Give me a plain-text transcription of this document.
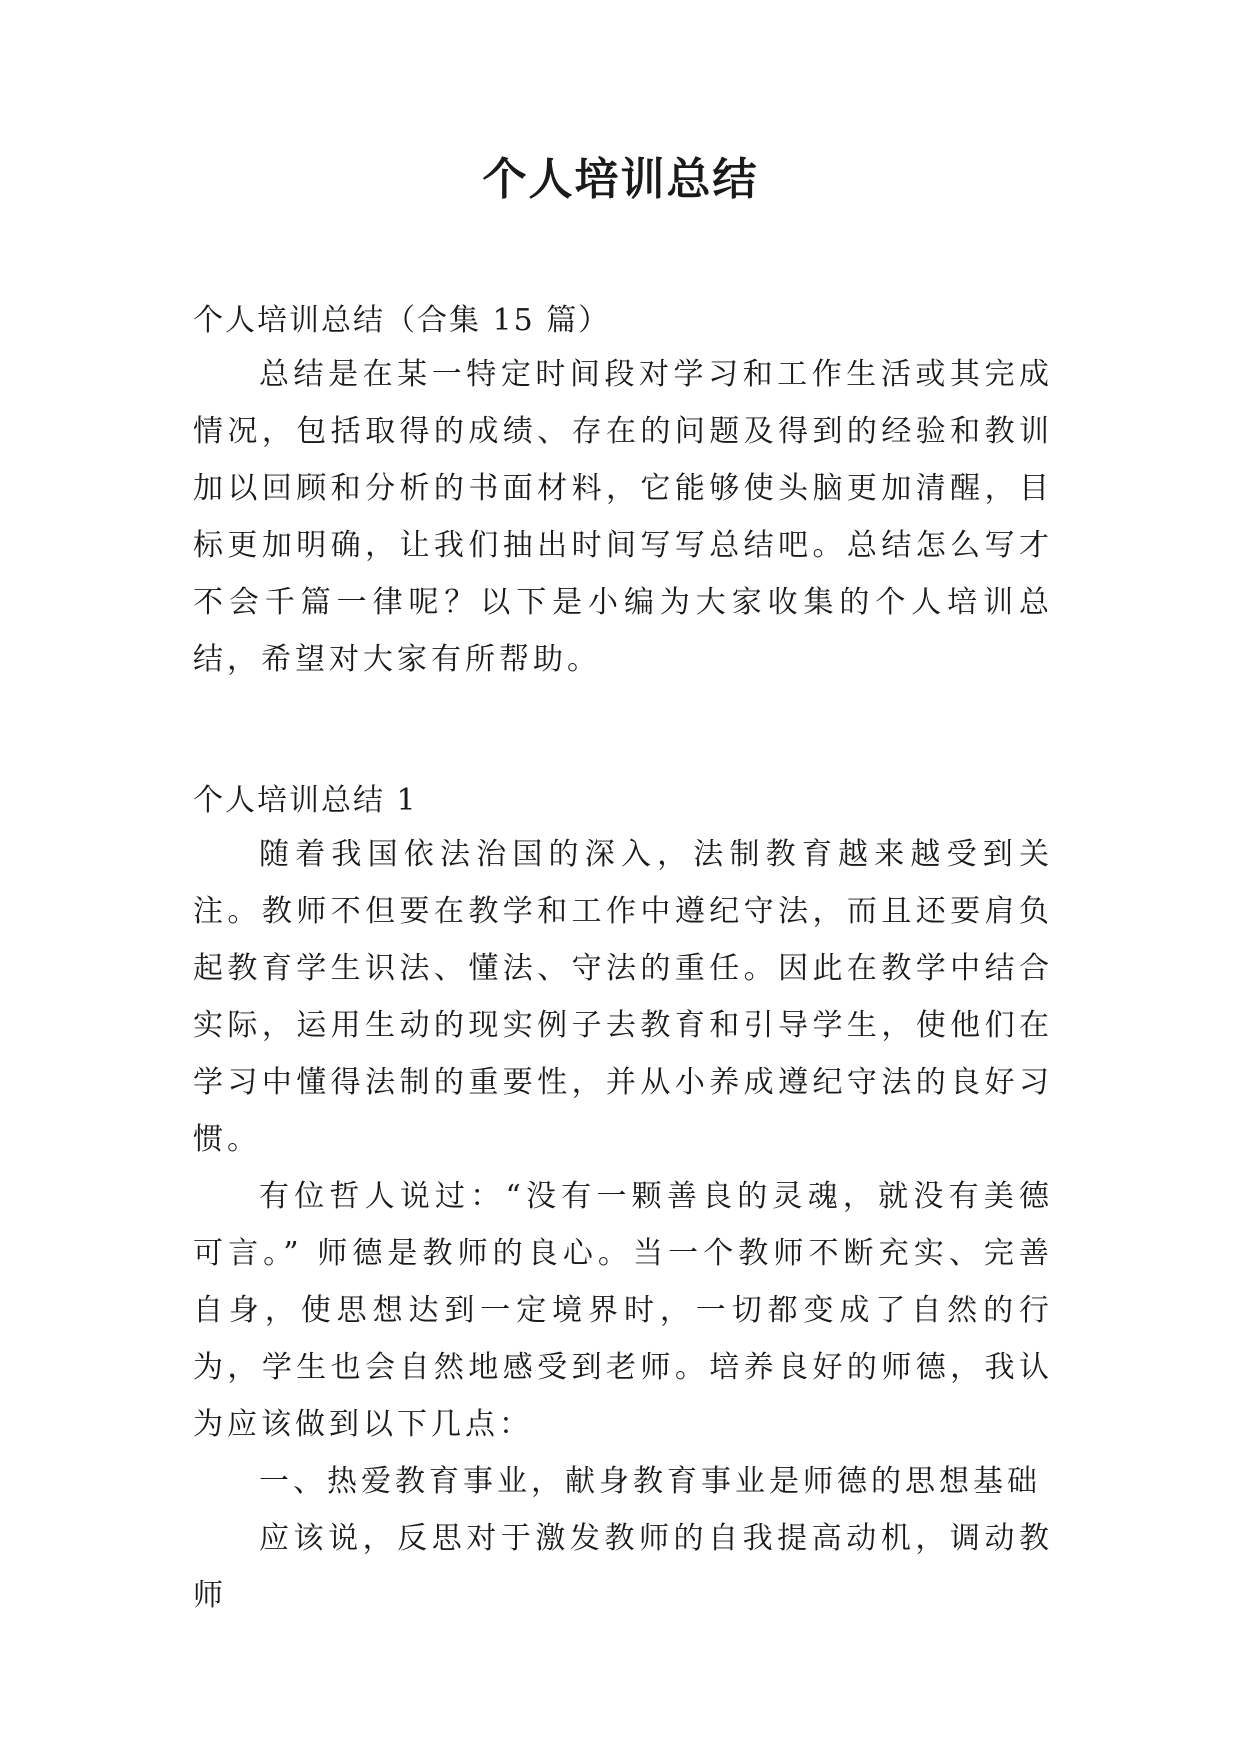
个人培训总结
个人培训总结（合集 15 篇）

总结是在某一特定时间段对学习和工作生活或其完成情况，包括取得的成绩、存在的问题及得到的经验和教训加以回顾和分析的书面材料，它能够使头脑更加清醒，目标更加明确，让我们抽出时间写写总结吧。总结怎么写才不会千篇一律呢？以下是小编为大家收集的个人培训总结，希望对大家有所帮助。

个人培训总结 1

随着我国依法治国的深入，法制教育越来越受到关注。教师不但要在教学和工作中遵纪守法，而且还要肩负起教育学生识法、懂法、守法的重任。因此在教学中结合实际，运用生动的现实例子去教育和引导学生，使他们在学习中懂得法制的重要性，并从小养成遵纪守法的良好习惯。

有位哲人说过：“没有一颗善良的灵魂，就没有美德可言。” 师德是教师的良心。当一个教师不断充实、完善自身，使思想达到一定境界时，一切都变成了自然的行为，学生也会自然地感受到老师。培养良好的师德，我认为应该做到以下几点：

一、热爱教育事业，献身教育事业是师德的思想基础

应该说，反思对于激发教师的自我提高动机，调动教师
